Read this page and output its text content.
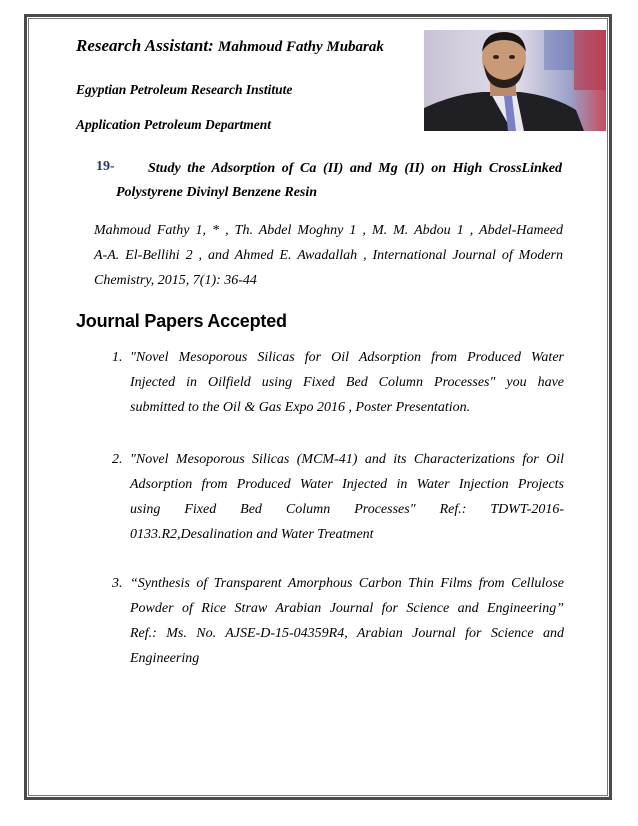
Research Assistant: Mahmoud Fathy Mubarak
Egyptian Petroleum Research Institute
Application Petroleum Department
19-	Study the Adsorption of Ca (II) and Mg (II) on High CrossLinked
Polystyrene Divinyl Benzene Resin
Mahmoud Fathy 1, * , Th. Abdel Moghny 1 , M. M. Abdou 1 , Abdel-Hameed
A-A. El-Bellihi 2 , and Ahmed E. Awadallah , International Journal of Modern
Chemistry, 2015, 7(1): 36-44
Journal Papers Accepted
1. "Novel Mesoporous Silicas for Oil Adsorption from Produced Water
Injected in Oilfield using Fixed Bed Column Processes" you have
submitted to the Oil & Gas Expo 2016 , Poster Presentation.
2. "Novel Mesoporous Silicas (MCM-41) and its Characterizations for Oil
Adsorption from Produced Water Injected in Water Injection Projects
using Fixed Bed Column Processes" Ref.: TDWT-2016-
0133.R2,Desalination and Water Treatment
3. “Synthesis of Transparent Amorphous Carbon Thin Films from Cellulose
Powder of Rice Straw Arabian Journal for Science and Engineering”
Ref.: Ms. No. AJSE-D-15-04359R4, Arabian Journal for Science and
Engineering
